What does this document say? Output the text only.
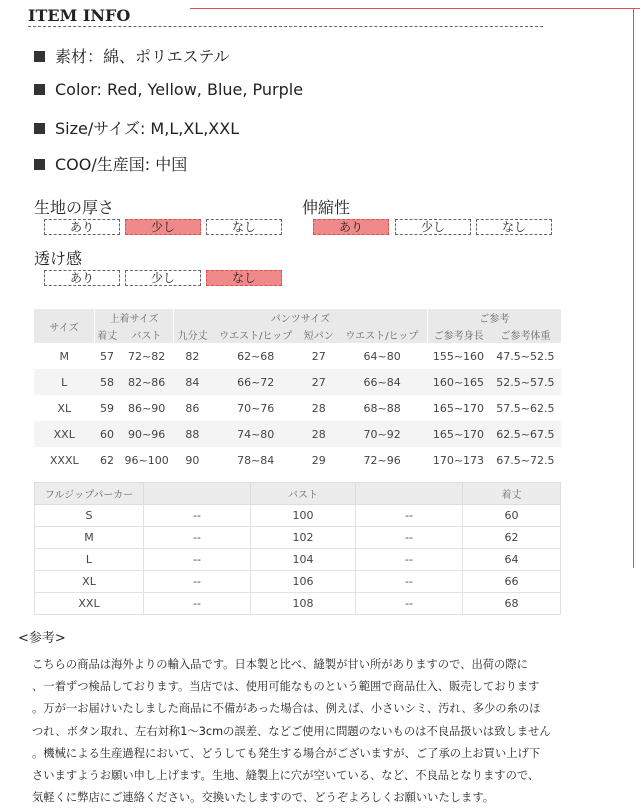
ITEM INFO
素材：綿、ポリエステル
Color: Red, Yellow, Blue, Purple
Size/サイズ: M,L,XL,XXL
COO/生産国: 中国
生地の厚さ
あり	少し	なし
伸縮性
あり	少し	なし
透け感
あり	少し	なし
サイズ	上着サイズ		パンツサイズ				ご参考	
	着丈	バスト	九分丈	ウエスト/ヒップ	短パン	ウエスト/ヒップ	ご参考身長	ご参考体重
M	57	72~82	82	62~68	27	64~80	155~160	47.5~52.5
L	58	82~86	84	66~72	27	66~84	160~165	52.5~57.5
XL	59	86~90	86	70~76	28	68~88	165~170	57.5~62.5
XXL	60	90~96	88	74~80	28	70~92	165~170	62.5~67.5
XXXL	62	96~100	90	78~84	29	72~96	170~173	67.5~72.5
フルジップパーカー		バスト		着丈
S	--	100	--	60
M	--	102	--	62
L	--	104	--	64
XL	--	106	--	66
XXL	--	108	--	68
<参考>

こちらの商品は海外よりの輸入品です。日本製と比べ、縫製が甘い所がありますので、出荷の際に

、一着ずつ検品しております。当店では、使用可能なものという範囲で商品仕入、販売しております

。万が一お届けいたしました商品に不備があった場合は、例えば、小さいシミ、汚れ、多少の糸のほ

つれ、ボタン取れ、左右対称1～3cmの誤差、などご使用に問題のないものは不良品扱いは致しません

。機械による生産過程において、どうしても発生する場合がございますが、ご了承の上お買い上げ下

さいますようお願い申し上げます。生地、縫製上に穴が空いている、など、不良品となりますので、

気軽くに弊店にご連絡ください。交換いたしますので、どうぞよろしくお願いいたします。
